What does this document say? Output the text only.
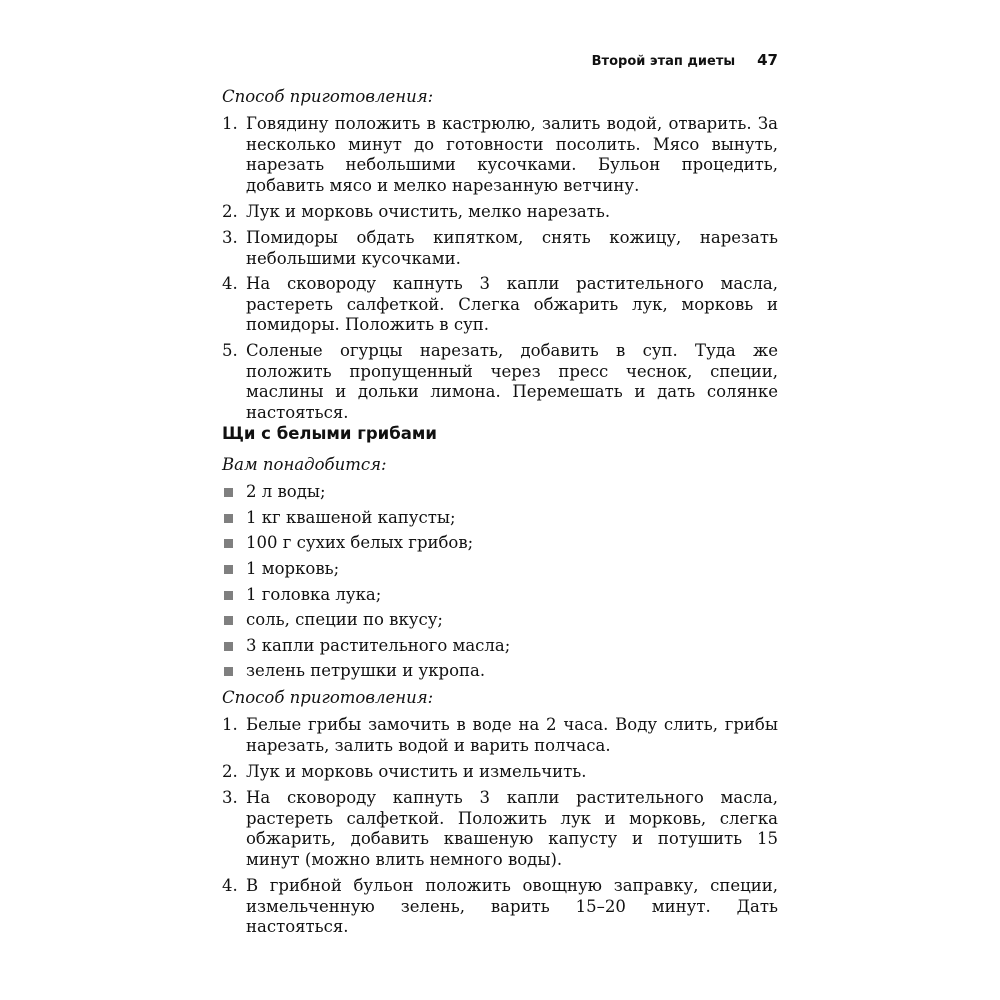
Второй этап диеты 47

Способ приготовления:

1. Говядину положить в кастрюлю, залить водой, отварить. За несколько минут до готовности посолить. Мясо вынуть, нарезать небольшими кусочками. Бульон процедить, добавить мясо и мелко нарезанную ветчину.
2. Лук и морковь очистить, мелко нарезать.
3. Помидоры обдать кипятком, снять кожицу, нарезать небольшими кусочками.
4. На сковороду капнуть 3 капли растительного масла, растереть салфеткой. Слегка обжарить лук, морковь и помидоры. Положить в суп.
5. Соленые огурцы нарезать, добавить в суп. Туда же положить пропущенный через пресс чеснок, специи, маслины и дольки лимона. Перемешать и дать солянке настояться.
Щи с белыми грибами

Вам понадобится:

2 л воды;
1 кг квашеной капусты;
100 г сухих белых грибов;
1 морковь;
1 головка лука;
соль, специи по вкусу;
3 капли растительного масла;
зелень петрушки и укропа.

Способ приготовления:

1. Белые грибы замочить в воде на 2 часа. Воду слить, грибы нарезать, залить водой и варить полчаса.
2. Лук и морковь очистить и измельчить.
3. На сковороду капнуть 3 капли растительного масла, растереть салфеткой. Положить лук и морковь, слегка обжарить, добавить квашеную капусту и потушить 15 минут (можно влить немного воды).
4. В грибной бульон положить овощную заправку, специи, измельченную зелень, варить 15–20 минут. Дать настояться.
